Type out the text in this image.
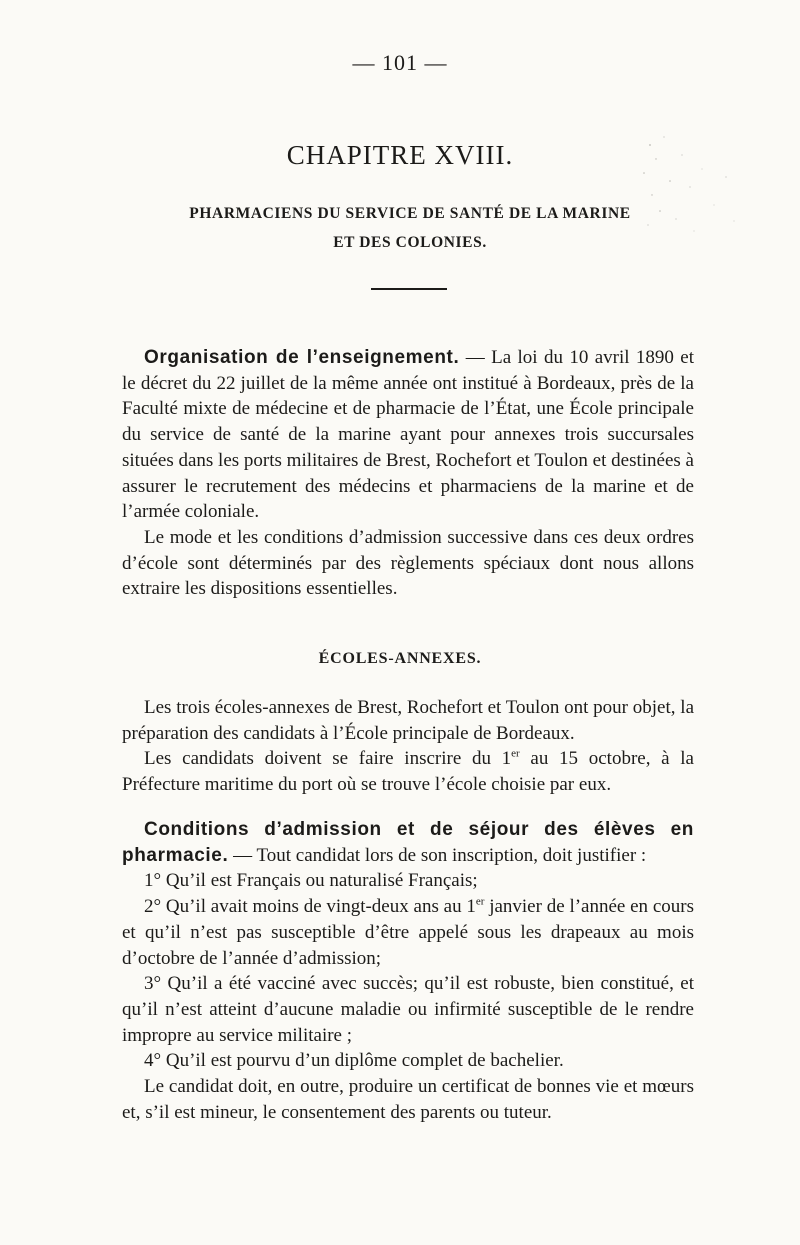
— 101 —
CHAPITRE XVIII.
PHARMACIENS DU SERVICE DE SANTÉ DE LA MARINE
ET DES COLONIES.

Organisation de l’enseignement. — La loi du 10 avril 1890 et le décret du 22 juillet de la même année ont institué à Bordeaux, près de la Faculté mixte de médecine et de pharmacie de l’État, une École principale du service de santé de la marine ayant pour annexes trois succursales situées dans les ports militaires de Brest, Rochefort et Toulon et destinées à assurer le recrutement des médecins et pharmaciens de la marine et de l’armée coloniale.

Le mode et les conditions d’admission successive dans ces deux ordres d’école sont déterminés par des règlements spéciaux dont nous allons extraire les dispositions essentielles.

ÉCOLES-ANNEXES.

Les trois écoles-annexes de Brest, Rochefort et Toulon ont pour objet, la préparation des candidats à l’École principale de Bordeaux.

Les candidats doivent se faire inscrire du 1er au 15 octobre, à la Préfecture maritime du port où se trouve l’école choisie par eux.

Conditions d’admission et de séjour des élèves en pharmacie. — Tout candidat lors de son inscription, doit justifier :

1° Qu’il est Français ou naturalisé Français;

2° Qu’il avait moins de vingt-deux ans au 1er janvier de l’année en cours et qu’il n’est pas susceptible d’être appelé sous les drapeaux au mois d’octobre de l’année d’admission;

3° Qu’il a été vacciné avec succès; qu’il est robuste, bien constitué, et qu’il n’est atteint d’aucune maladie ou infirmité susceptible de le rendre impropre au service militaire ;

4° Qu’il est pourvu d’un diplôme complet de bachelier.

Le candidat doit, en outre, produire un certificat de bonnes vie et mœurs et, s’il est mineur, le consentement des parents ou tuteur.
